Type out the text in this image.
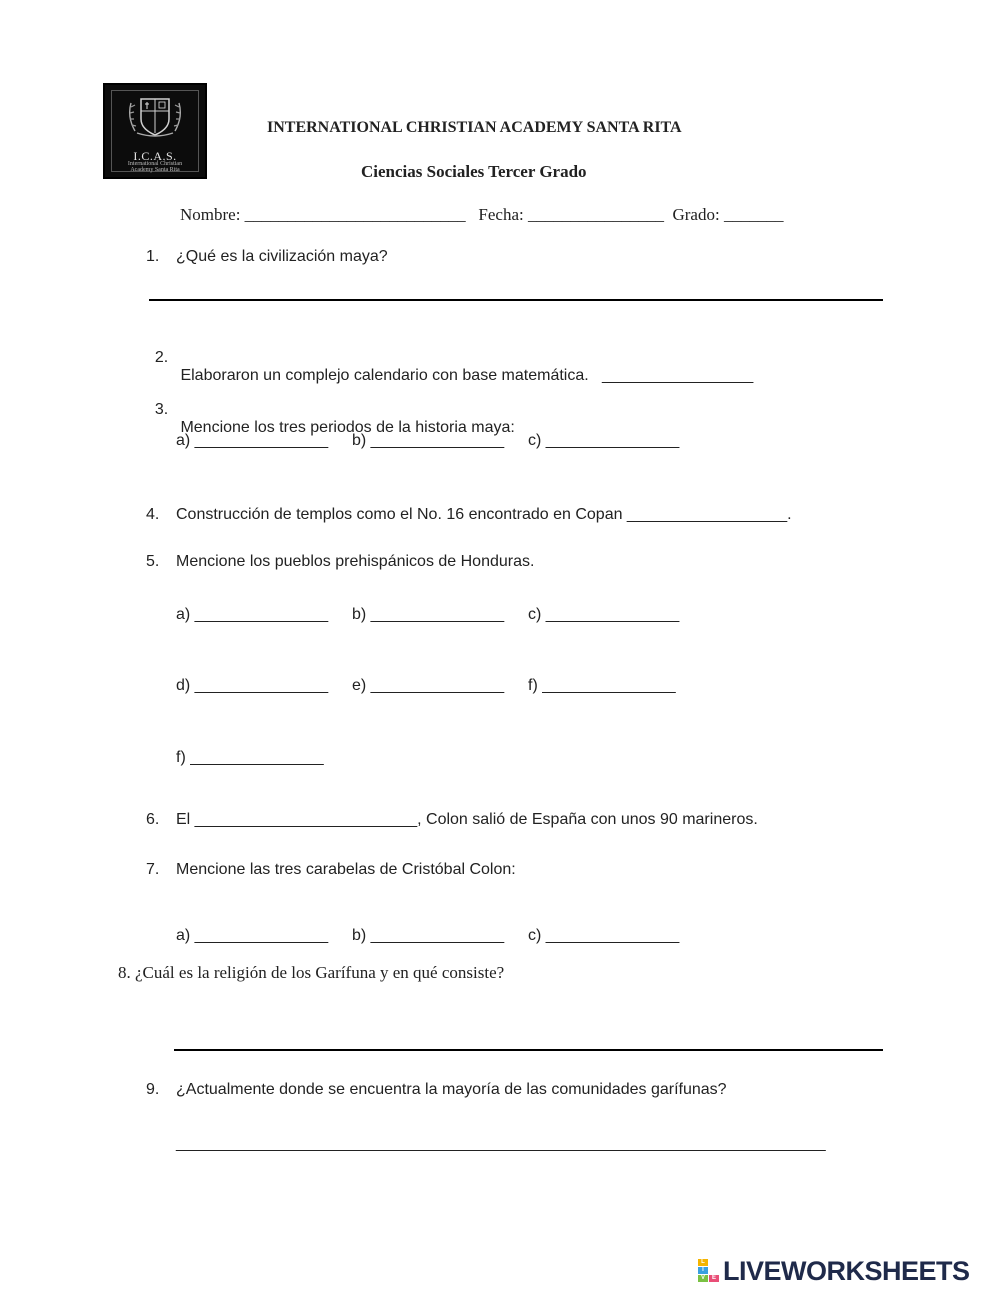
I.C.A.S.
International Christian
Academy Santa Rita
INTERNATIONAL CHRISTIAN ACADEMY SANTA RITA
Ciencias Sociales Tercer Grado
Nombre: __________________________   Fecha: ________________  Grado: _______
1. ¿Qué es la civilización maya?

2.

Elaboraron un complejo calendario con base matemática.   _________________

3.

Mencione los tres periodos de la historia maya:

a) _______________ b) _______________ c) _______________
4. Construcción de templos como el No. 16 encontrado en Copan __________________.
5. Mencione los pueblos prehispánicos de Honduras.
a) _______________ b) _______________ c) _______________
d) _______________ e) _______________ f) _______________
f) _______________
6. El _________________________, Colon salió de España con unos 90 marineros.
7. Mencione las tres carabelas de Cristóbal Colon:
a) _______________ b) _______________ c) _______________
8. ¿Cuál es la religión de los Garífuna y en qué consiste?
9. ¿Actualmente donde se encuentra la mayoría de las comunidades garífunas?
_________________________________________________________________________
L
I
V	E LIVEWORKSHEETS
